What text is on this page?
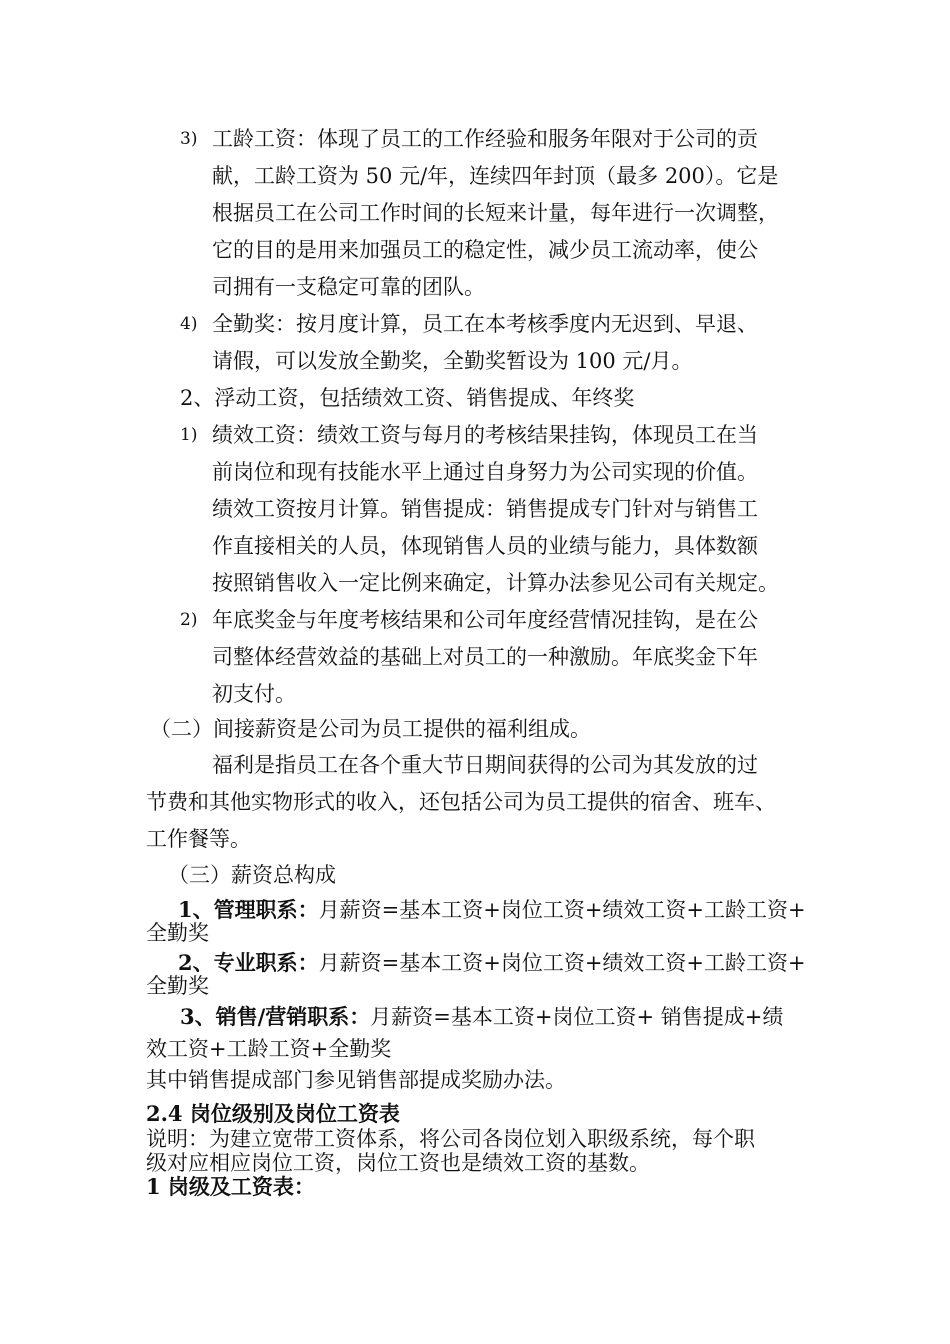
3) 工龄工资：体现了员工的工作经验和服务年限对于公司的贡
献，工龄工资为 50 元/年，连续四年封顶（最多 200）。它是
根据员工在公司工作时间的长短来计量，每年进行一次调整，
它的目的是用来加强员工的稳定性，减少员工流动率，使公
司拥有一支稳定可靠的团队。
4) 全勤奖：按月度计算，员工在本考核季度内无迟到、早退、
请假，可以发放全勤奖，全勤奖暂设为 100 元/月。
2、浮动工资，包括绩效工资、销售提成、年终奖
1) 绩效工资：绩效工资与每月的考核结果挂钩，体现员工在当
前岗位和现有技能水平上通过自身努力为公司实现的价值。
绩效工资按月计算。销售提成：销售提成专门针对与销售工
作直接相关的人员，体现销售人员的业绩与能力，具体数额
按照销售收入一定比例来确定，计算办法参见公司有关规定。
2) 年底奖金与年度考核结果和公司年度经营情况挂钩，是在公
司整体经营效益的基础上对员工的一种激励。年底奖金下年
初支付。
（二）间接薪资是公司为员工提供的福利组成。
福利是指员工在各个重大节日期间获得的公司为其发放的过
节费和其他实物形式的收入，还包括公司为员工提供的宿舍、班车、
工作餐等。
（三）薪资总构成
1、管理职系：月薪资=基本工资+岗位工资+绩效工资+工龄工资+
全勤奖
2、专业职系：月薪资=基本工资+岗位工资+绩效工资+工龄工资+
全勤奖
3、销售/营销职系：月薪资=基本工资+岗位工资+ 销售提成+绩
效工资+工龄工资+全勤奖
其中销售提成部门参见销售部提成奖励办法。
2.4 岗位级别及岗位工资表
说明：为建立宽带工资体系，将公司各岗位划入职级系统，每个职
级对应相应岗位工资，岗位工资也是绩效工资的基数。
1 岗级及工资表：
